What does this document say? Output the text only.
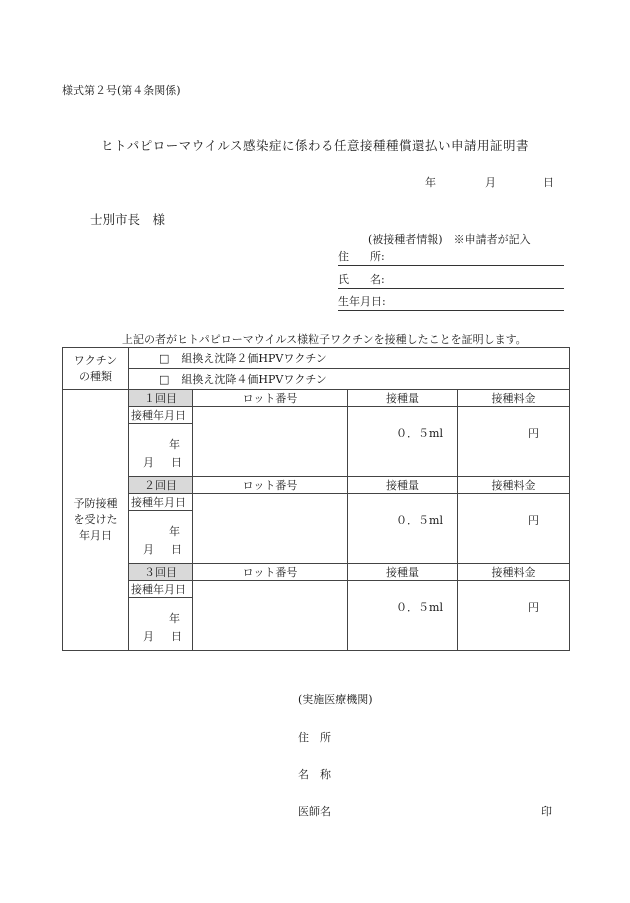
様式第２号(第４条関係)
ヒトパピローマウイルス感染症に係わる任意接種種償還払い申請用証明書
年	月	日
士別市長　様
(被接種者情報)　※申請者が記入
住 所:
氏 名:
生年月日:
上記の者がヒトパピローマウイルス様粒子ワクチンを接種したことを証明します。
ワクチン
の種類	□ 組換え沈降２価HPVワクチン			
	□ 組換え沈降４価HPVワクチン			

予防接種
を受けた
年月日	１回目	ロット番号	接種量	接種料金
	接種年月日		０．５ml	円

	年
月 日			

	２回目	ロット番号	接種量	接種料金
	接種年月日		０．５ml	円

	年
月 日			

	３回目	ロット番号	接種量	接種料金
	接種年月日		０．５ml	円

	年
月 日			
(実施医療機関)
住　所
名　称
医師名	印
